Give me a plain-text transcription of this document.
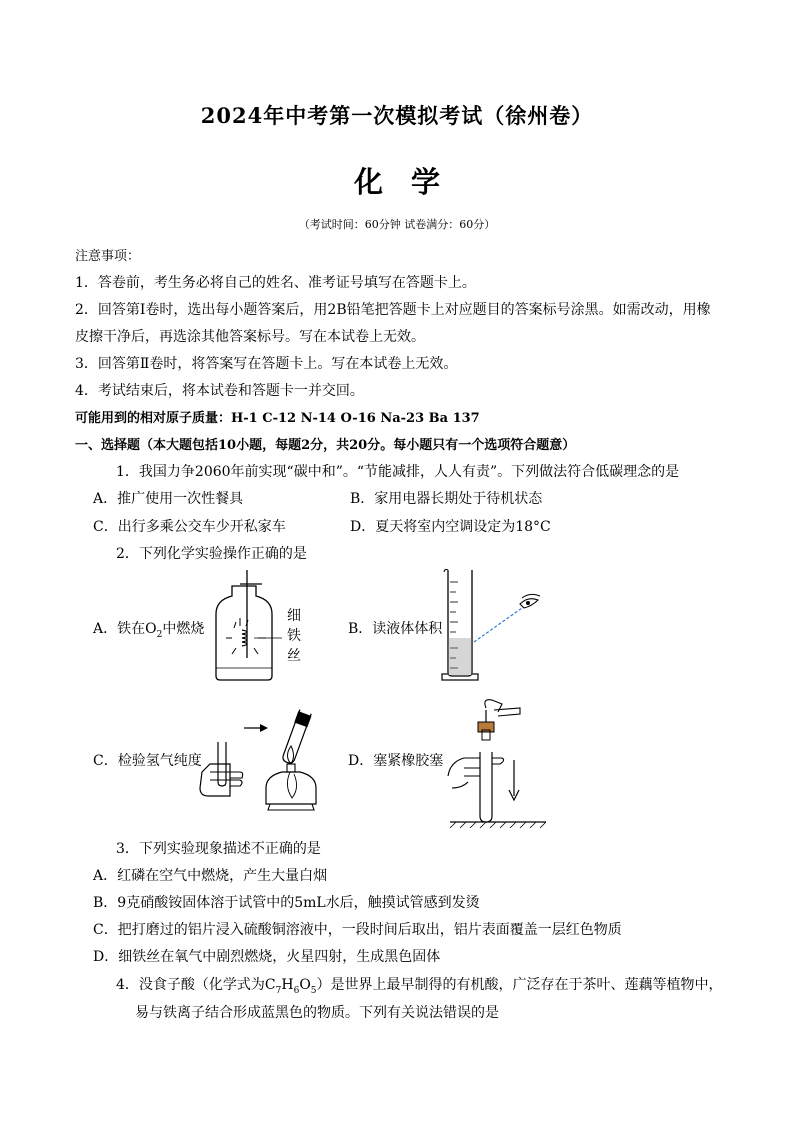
2024年中考第一次模拟考试（徐州卷）
化学
（考试时间：60分钟 试卷满分：60分）
注意事项：
1．答卷前，考生务必将自己的姓名、准考证号填写在答题卡上。
2．回答第Ⅰ卷时，选出每小题答案后，用2B铅笔把答题卡上对应题目的答案标号涂黑。如需改动，用橡
皮擦干净后，再选涂其他答案标号。写在本试卷上无效。
3．回答第Ⅱ卷时，将答案写在答题卡上。写在本试卷上无效。
4．考试结束后，将本试卷和答题卡一并交回。
可能用到的相对原子质量：H-1 C-12 N-14 O-16 Na-23 Ba 137
一、选择题（本大题包括10小题，每题2分，共20分。每小题只有一个选项符合题意）
1．我国力争2060年前实现“碳中和”。“节能减排，人人有责”。下列做法符合低碳理念的是
A．推广使用一次性餐具	B．家用电器长期处于待机状态
C．出行多乘公交车少开私家车	D．夏天将室内空调设定为18°C
2．下列化学实验操作正确的是
A．铁在$O_2$中燃烧	B．读液体体积
C．检验氢气纯度	D．塞紧橡胶塞
细
铁
丝
3．下列实验现象描述不正确的是
A．红磷在空气中燃烧，产生大量白烟
B．9克硝酸铵固体溶于试管中的5mL水后，触摸试管感到发烫
C．把打磨过的铝片浸入硫酸铜溶液中，一段时间后取出，铝片表面覆盖一层红色物质
D．细铁丝在氧气中剧烈燃烧，火星四射，生成黑色固体
4．没食子酸（化学式为$C_7H_6O_5$）是世界上最早制得的有机酸，广泛存在于茶叶、莲藕等植物中，
易与铁离子结合形成蓝黑色的物质。下列有关说法错误的是
